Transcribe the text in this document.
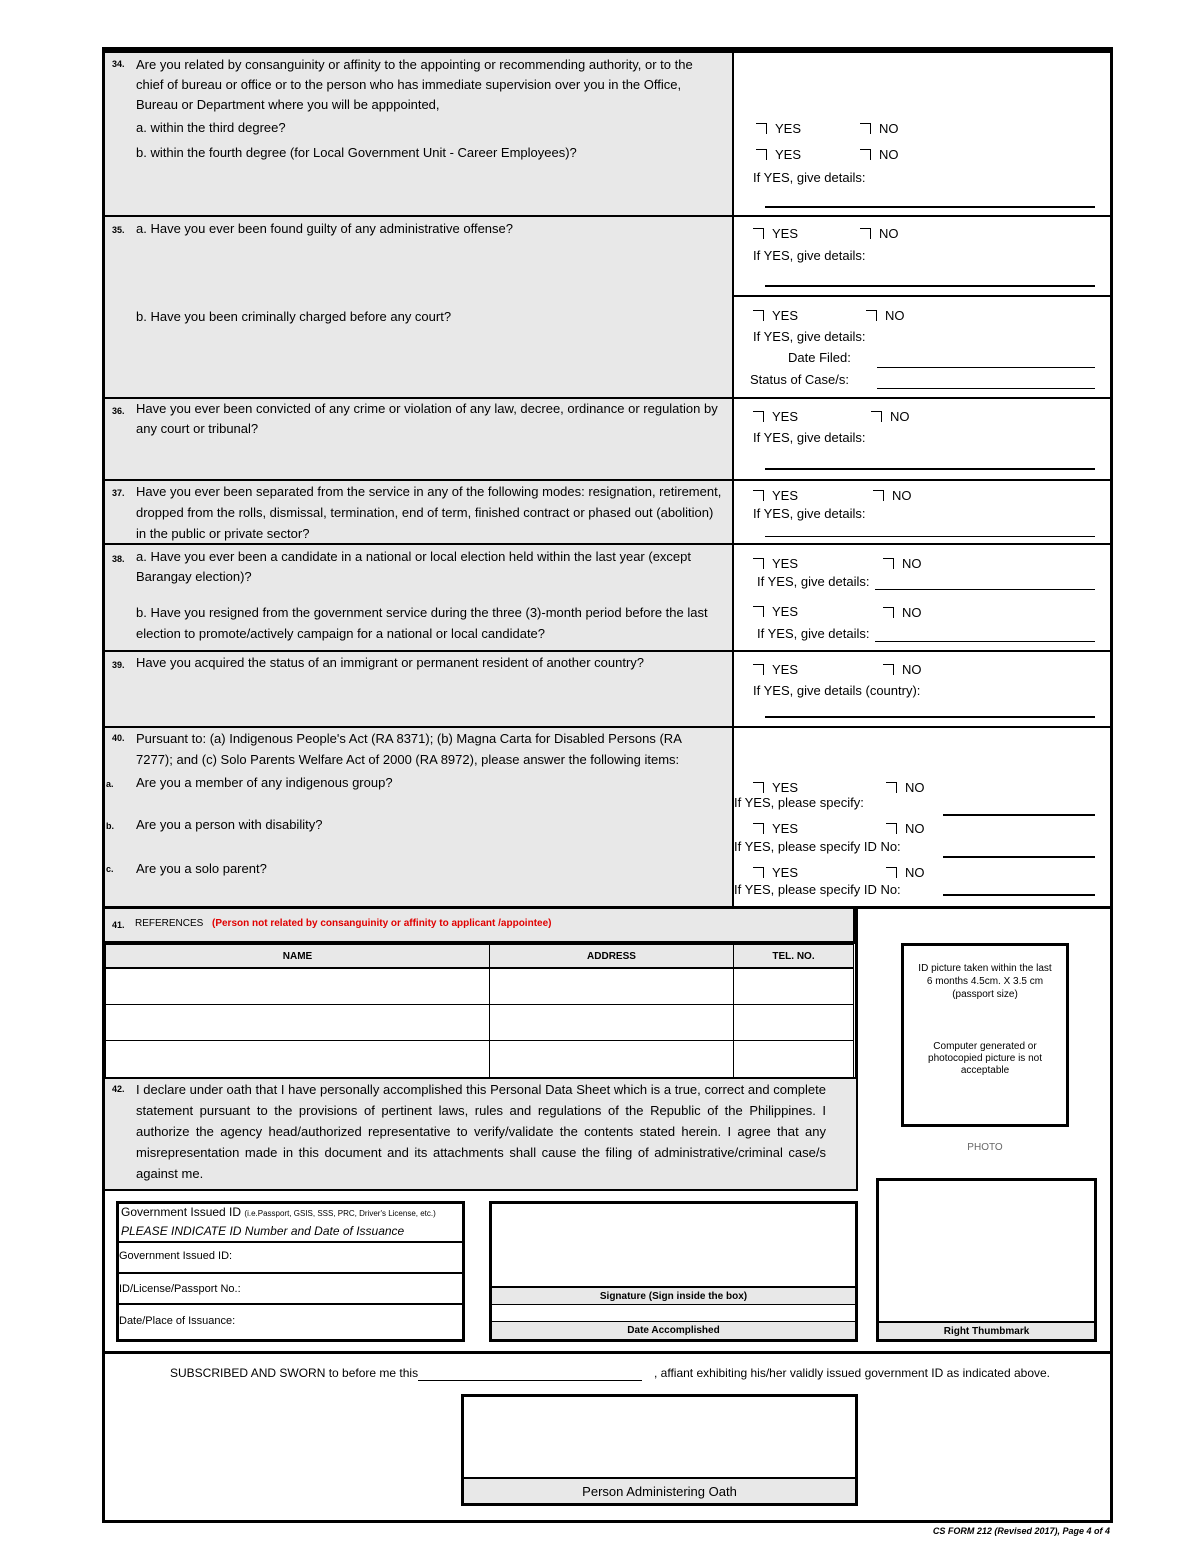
34. Are you related by consanguinity or affinity to the appointing or recommending authority, or to the chief of bureau or office or to the person who has immediate supervision over you in the Office, Bureau or Department where you will be apppointed,
a. within the third degree?
b. within the fourth degree (for Local Government Unit - Career Employees)?
YES	NO
YES	NO
If YES, give details:
35. a. Have you ever been found guilty of any administrative offense?
b. Have you been criminally charged before any court?
YES	NO
If YES, give details:
YES	NO
If YES, give details:
Date Filed:
Status of Case/s:
36. Have you ever been convicted of any crime or violation of any law, decree, ordinance or regulation by any court or tribunal?
YES	NO
If YES, give details:
37. Have you ever been separated from the service in any of the following modes: resignation, retirement, dropped from the rolls, dismissal, termination, end of term, finished contract or phased out (abolition) in the public or private sector?
YES	NO
If YES, give details:
38. a. Have you ever been a candidate in a national or local election held within the last year (except Barangay election)?
b. Have you resigned from the government service during the three (3)-month period before the last election to promote/actively campaign for a national or local candidate?
YES	NO
If YES, give details:
YES	NO
If YES, give details:
39. Have you acquired the status of an immigrant or permanent resident of another country?	YES	NO
If YES, give details (country):
40. Pursuant to: (a) Indigenous People's Act (RA 8371); (b) Magna Carta for Disabled Persons (RA 7277); and (c) Solo Parents Welfare Act of 2000 (RA 8972), please answer the following items:
a. Are you a member of any indigenous group?
b. Are you a person with disability?
c. Are you a solo parent?
YES	NO
If YES, please specify:
YES	NO
If YES, please specify ID No:
YES	NO
If YES, please specify ID No:
41. REFERENCES (Person not related by consanguinity or affinity to applicant /appointee)
NAME	ADDRESS	TEL. NO.
ID picture taken within the last 6 months 4.5cm. X 3.5 cm (passport size)
Computer generated or photocopied picture is not acceptable
PHOTO
42. I declare under oath that I have personally accomplished this Personal Data Sheet which is a true, correct and complete statement pursuant to the provisions of pertinent laws, rules and regulations of the Republic of the Philippines. I authorize the agency head/authorized representative to verify/validate the contents stated herein. I agree that any misrepresentation made in this document and its attachments shall cause the filing of administrative/criminal case/s against me.
Government Issued ID (i.e.Passport, GSIS, SSS, PRC, Driver's License, etc.)
PLEASE INDICATE ID Number and Date of Issuance
Government Issued ID:
ID/License/Passport No.:
Date/Place of Issuance:
Signature (Sign inside the box)
Date Accomplished	Right Thumbmark
SUBSCRIBED AND SWORN to before me this	, affiant exhibiting his/her validly issued government ID as indicated above.
Person Administering Oath
CS FORM 212 (Revised 2017), Page 4 of 4
